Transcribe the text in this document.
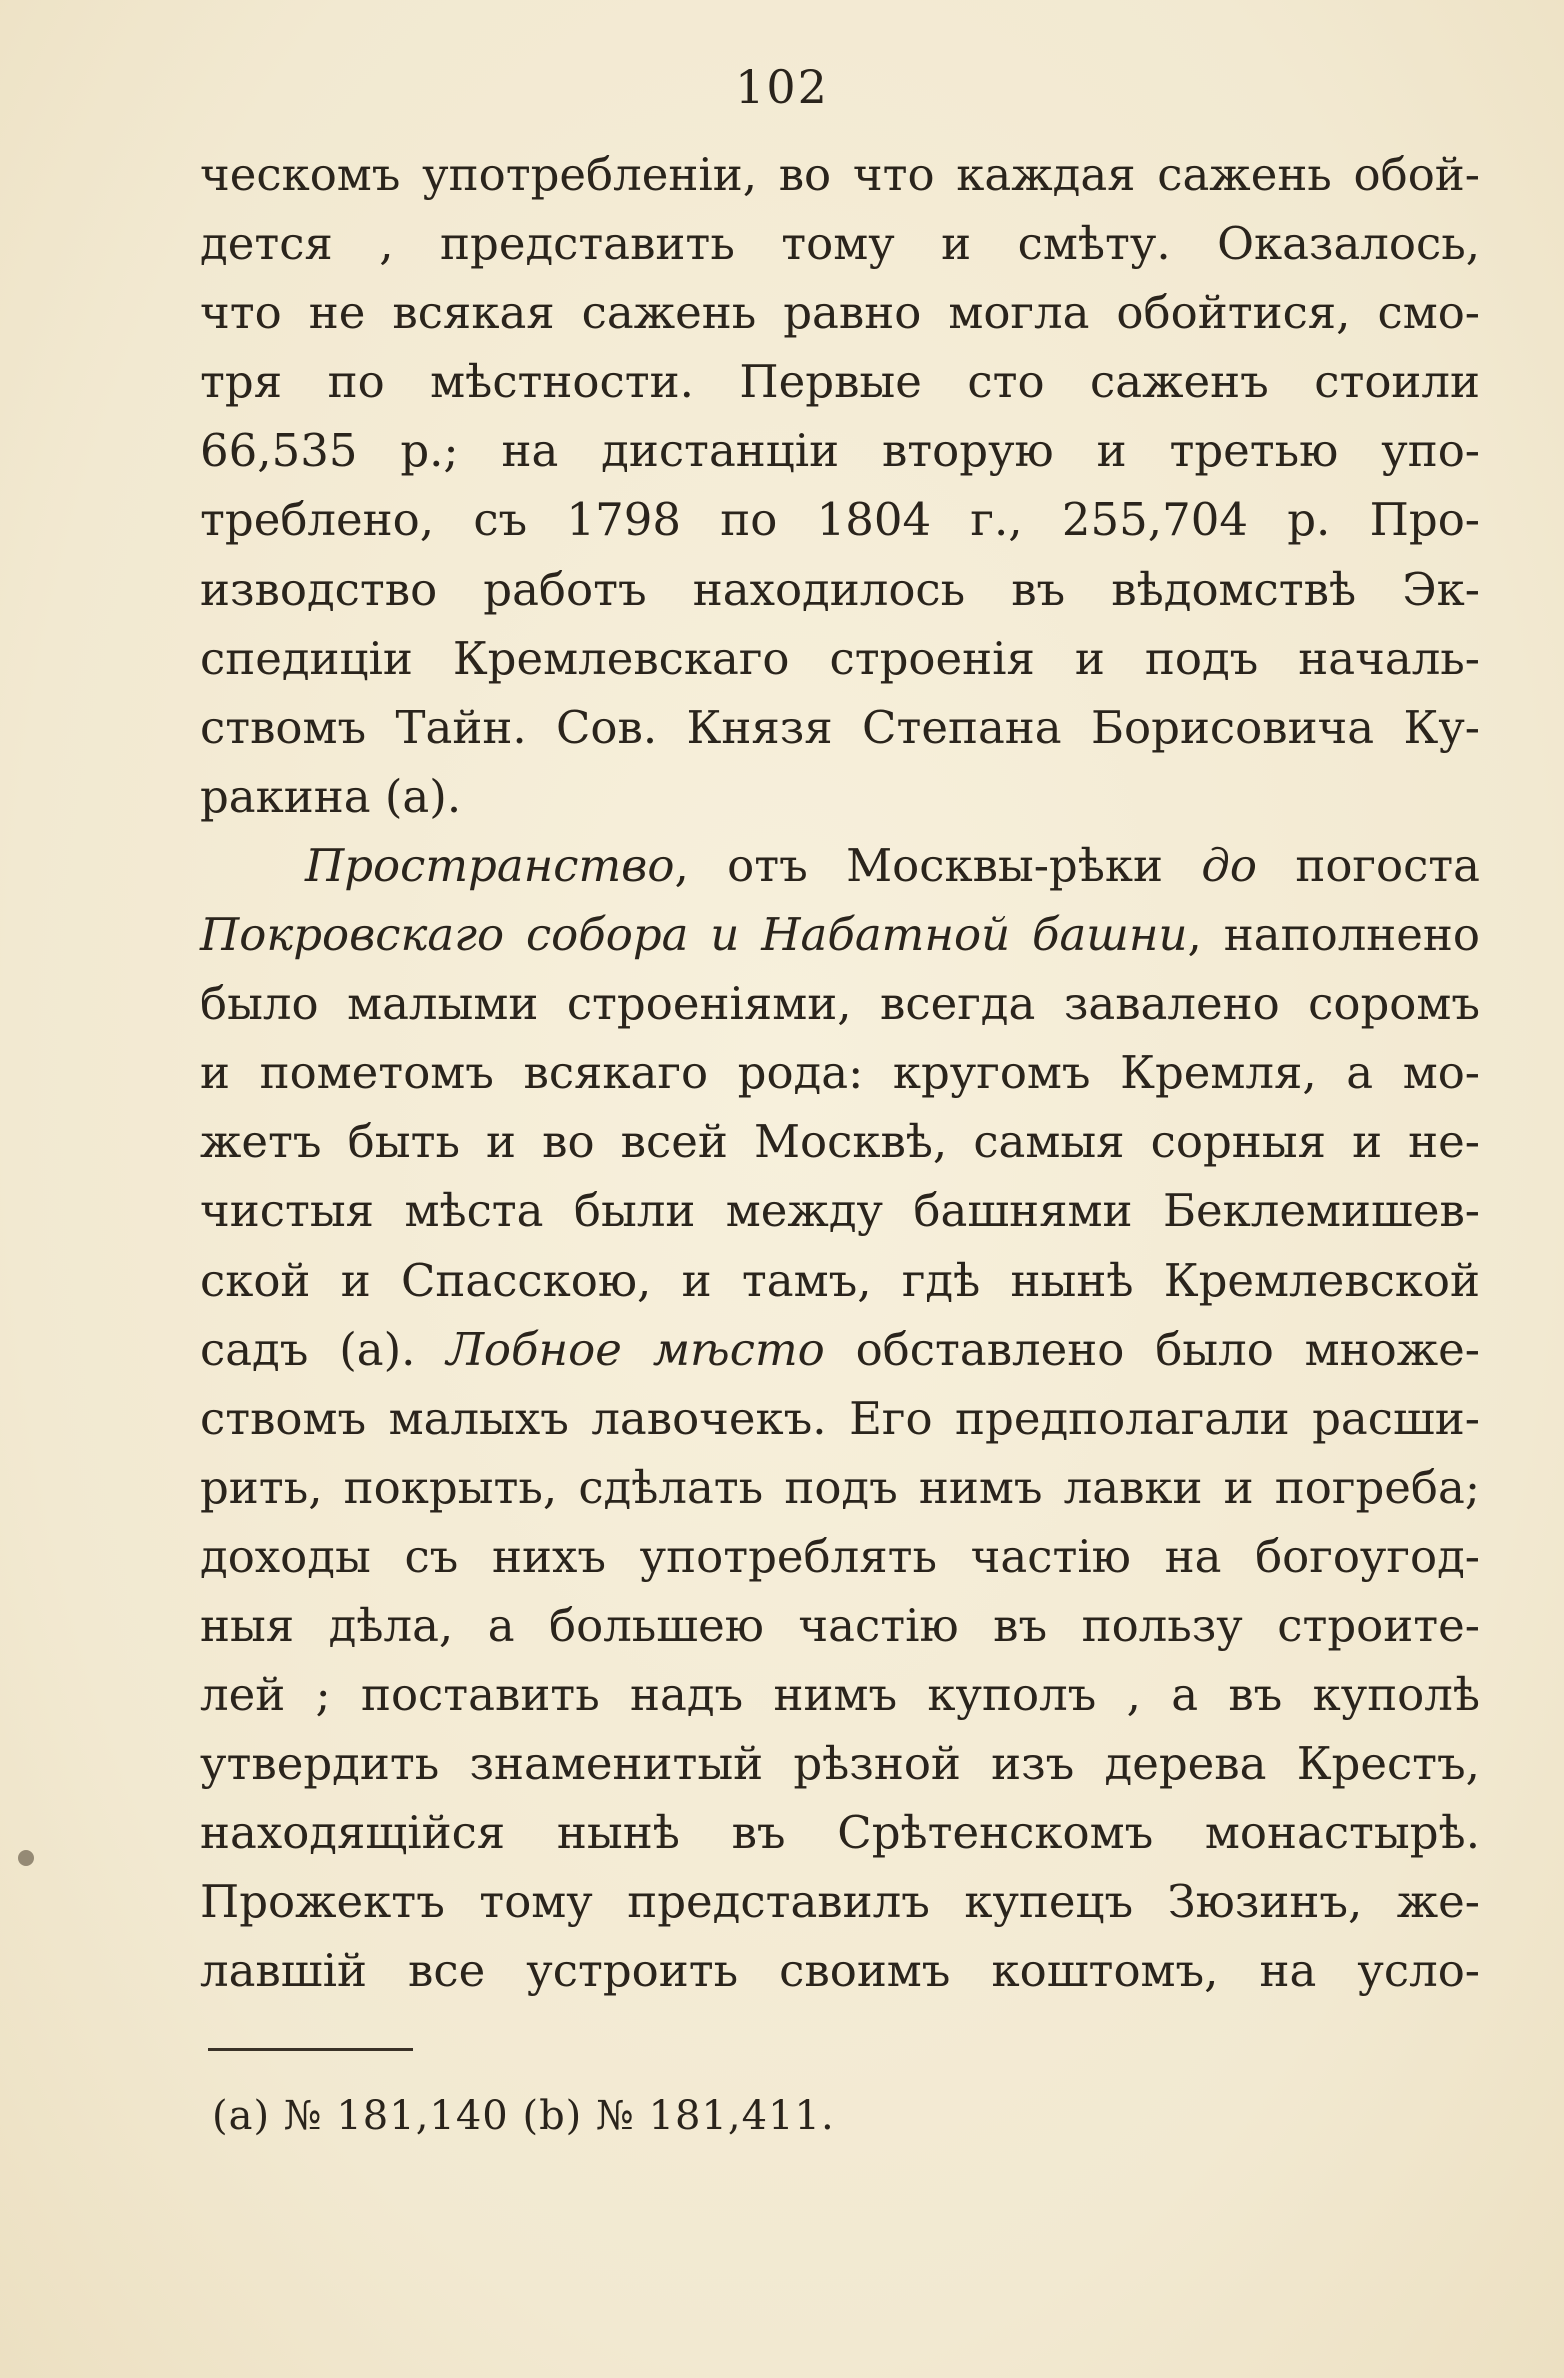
102
ческомъ употребленіи, во что каждая сажень обой-
дется , представить тому и смѣту. Оказалось,
что не всякая сажень равно могла обойтися, смо-
тря по мѣстности. Первые сто саженъ стоили
66,535 р.; на дистанціи вторую и третью упо-
треблено, съ 1798 по 1804 г., 255,704 р. Про-
изводство работъ находилось въ вѣдомствѣ Эк-
спедиціи Кремлевскаго строенія и подъ началь-
ствомъ Тайн. Сов. Князя Степана Борисовича Ку-
ракина (а).
Пространство, отъ Москвы-рѣки до погоста
Покровскаго собора и Набатной башни, наполнено
было малыми строеніями, всегда завалено соромъ
и пометомъ всякаго рода: кругомъ Кремля, а мо-
жетъ быть и во всей Москвѣ, самыя сорныя и не-
чистыя мѣста были между башнями Беклемишев-
ской и Спасскою, и тамъ, гдѣ нынѣ Кремлевской
садъ (а). Лобное мѣсто обставлено было множе-
ствомъ малыхъ лавочекъ. Его предполагали расши-
рить, покрыть, сдѣлать подъ нимъ лавки и погреба;
доходы съ нихъ употреблять частію на богоугод-
ныя дѣла, а большею частію въ пользу строите-
лей ; поставить надъ нимъ куполъ , а въ куполѣ
утвердить знаменитый рѣзной изъ дерева Крестъ,
находящійся нынѣ въ Срѣтенскомъ монастырѣ.
Прожектъ тому представилъ купецъ Зюзинъ, же-
лавшій все устроить своимъ коштомъ, на усло-
(а) № 181,140 (b) № 181,411.
